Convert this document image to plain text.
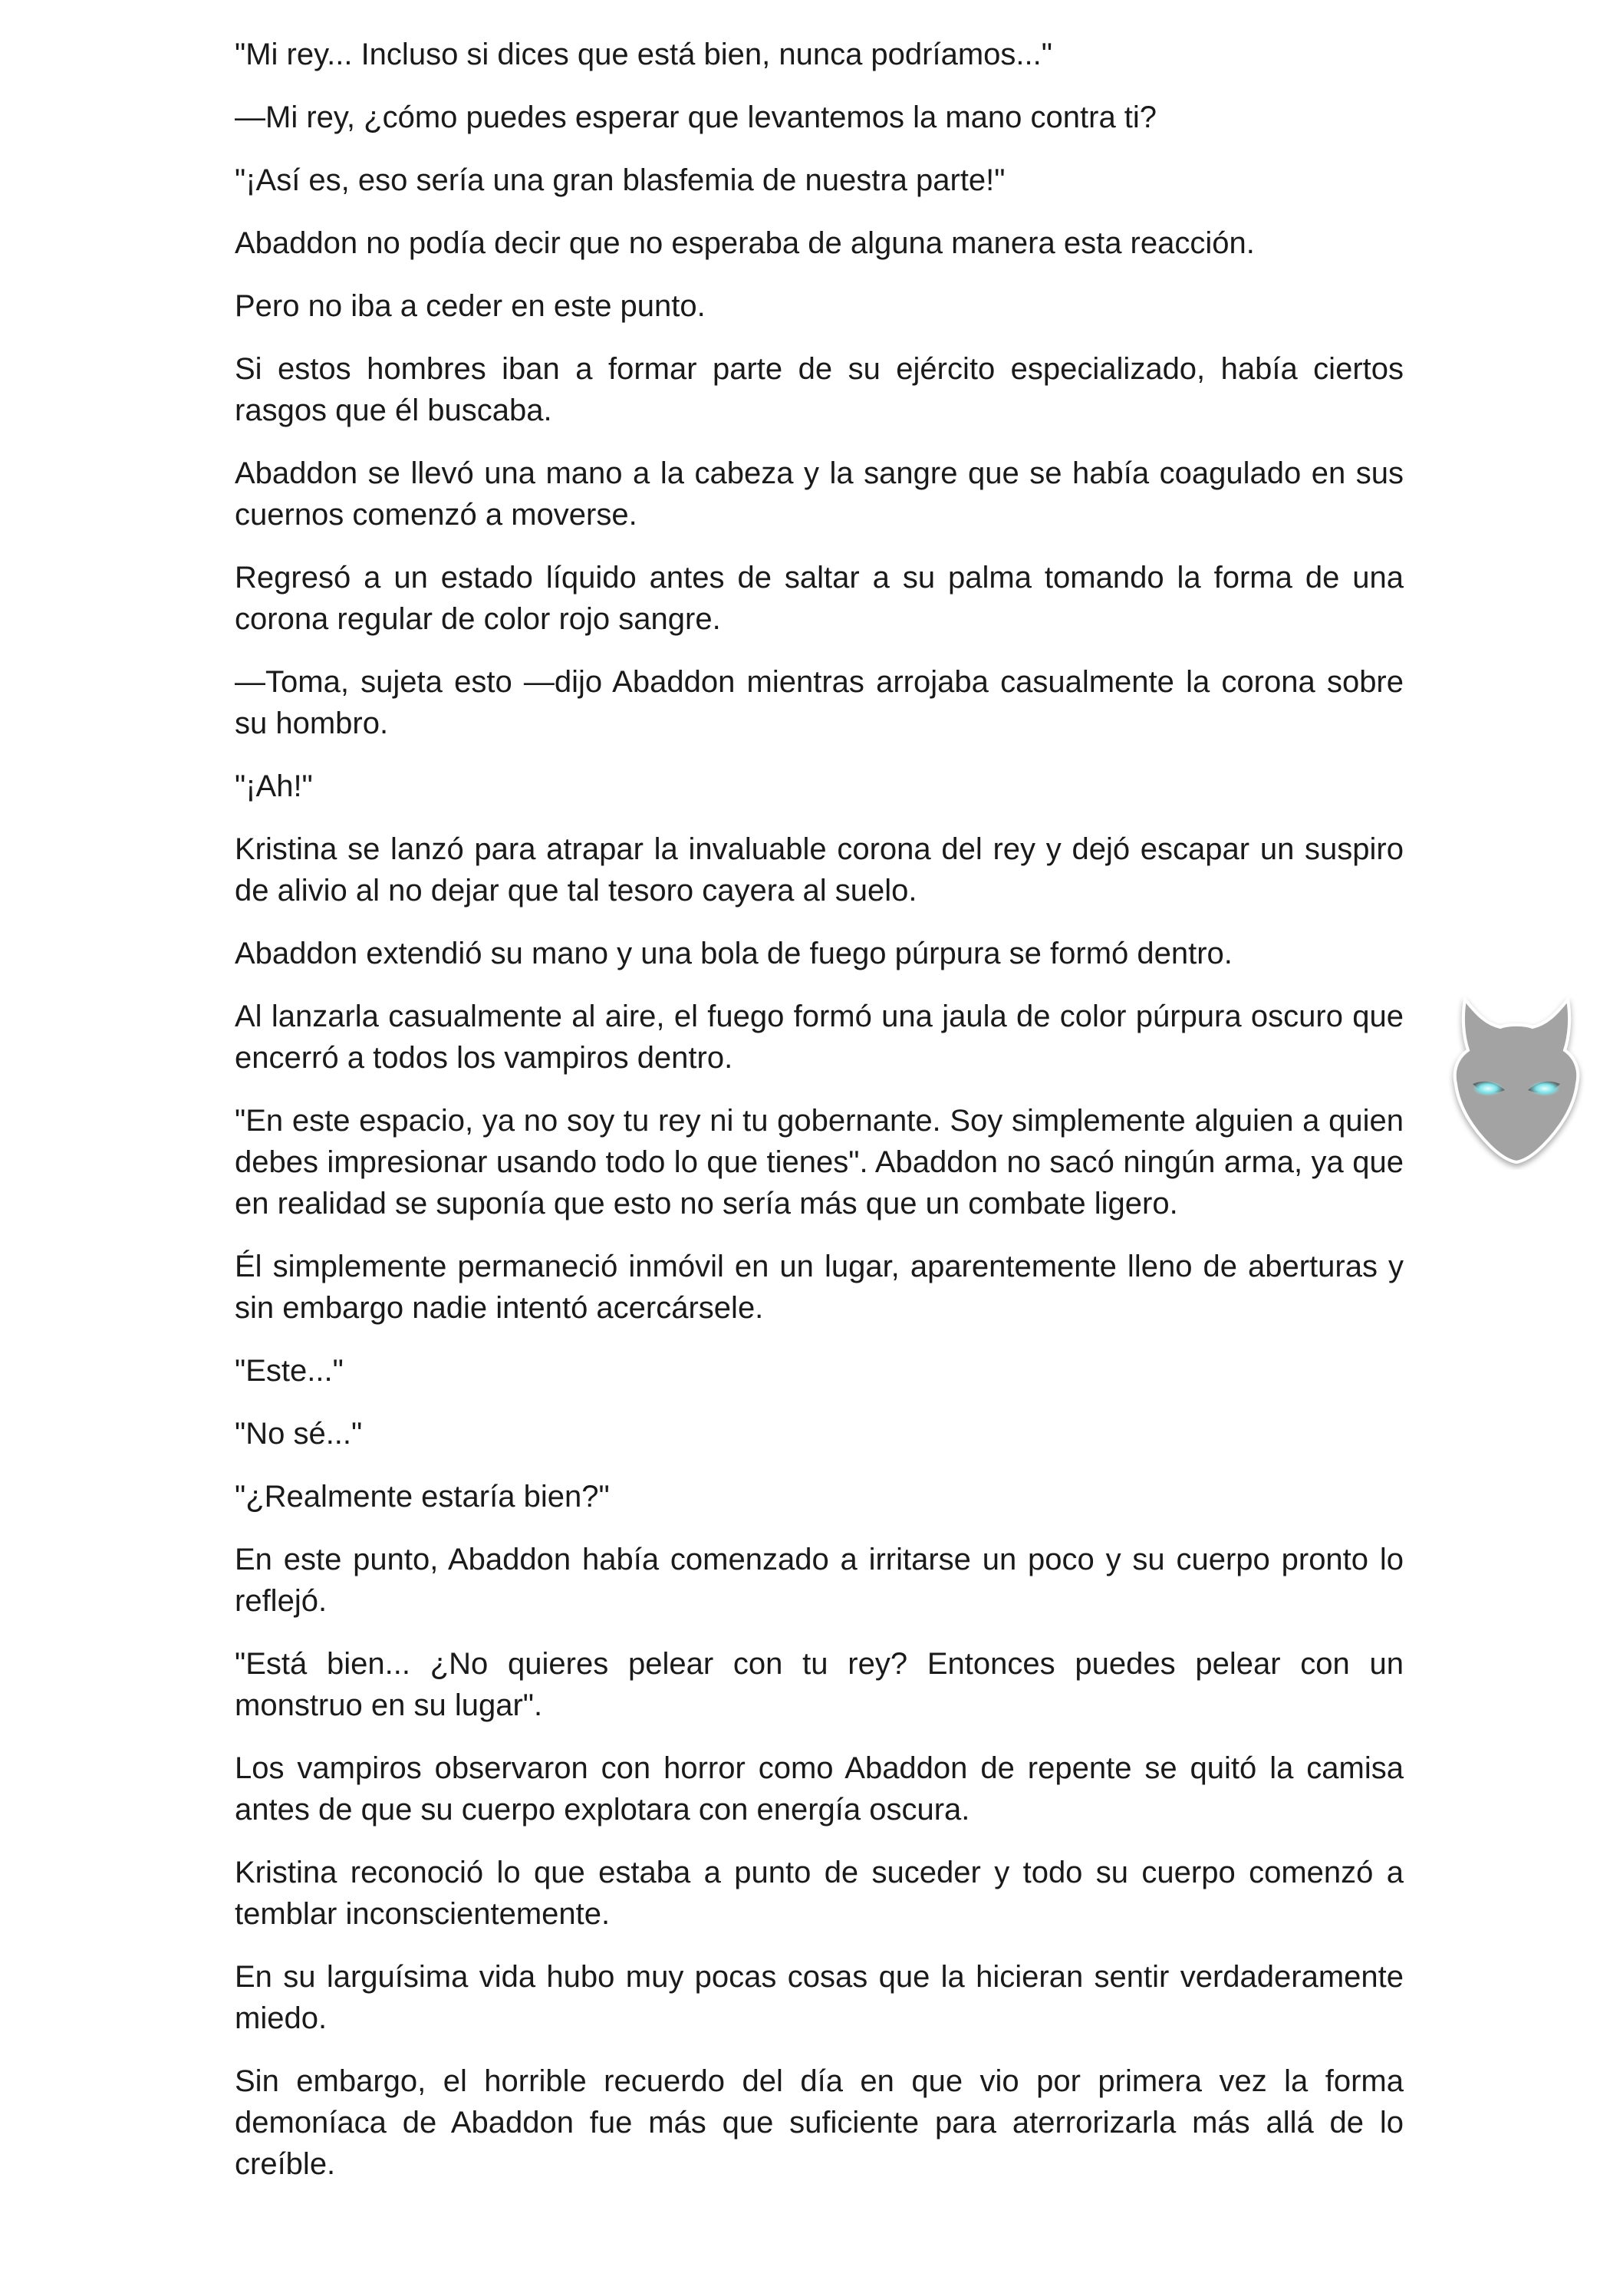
"Mi rey... Incluso si dices que está bien, nunca podríamos..."

—Mi rey, ¿cómo puedes esperar que levantemos la mano contra ti?

"¡Así es, eso sería una gran blasfemia de nuestra parte!"

Abaddon no podía decir que no esperaba de alguna manera esta reacción.

Pero no iba a ceder en este punto.

Si estos hombres iban a formar parte de su ejército especializado, había ciertos rasgos que él buscaba.

Abaddon se llevó una mano a la cabeza y la sangre que se había coagulado en sus cuernos comenzó a moverse.

Regresó a un estado líquido antes de saltar a su palma tomando la forma de una corona regular de color rojo sangre.

—Toma, sujeta esto —dijo Abaddon mientras arrojaba casualmente la corona sobre su hombro.

"¡Ah!"

Kristina se lanzó para atrapar la invaluable corona del rey y dejó escapar un suspiro de alivio al no dejar que tal tesoro cayera al suelo.

Abaddon extendió su mano y una bola de fuego púrpura se formó dentro.

Al lanzarla casualmente al aire, el fuego formó una jaula de color púrpura oscuro que encerró a todos los vampiros dentro.

"En este espacio, ya no soy tu rey ni tu gobernante. Soy simplemente alguien a quien debes impresionar usando todo lo que tienes". Abaddon no sacó ningún arma, ya que en realidad se suponía que esto no sería más que un combate ligero.

Él simplemente permaneció inmóvil en un lugar, aparentemente lleno de aberturas y sin embargo nadie intentó acercársele.

"Este..."

"No sé..."

"¿Realmente estaría bien?"

En este punto, Abaddon había comenzado a irritarse un poco y su cuerpo pronto lo reflejó.

"Está bien... ¿No quieres pelear con tu rey? Entonces puedes pelear con un monstruo en su lugar".

Los vampiros observaron con horror como Abaddon de repente se quitó la camisa antes de que su cuerpo explotara con energía oscura.

Kristina reconoció lo que estaba a punto de suceder y todo su cuerpo comenzó a temblar inconscientemente.

En su larguísima vida hubo muy pocas cosas que la hicieran sentir verdaderamente miedo.

Sin embargo, el horrible recuerdo del día en que vio por primera vez la forma demoníaca de Abaddon fue más que suficiente para aterrorizarla más allá de lo creíble.
